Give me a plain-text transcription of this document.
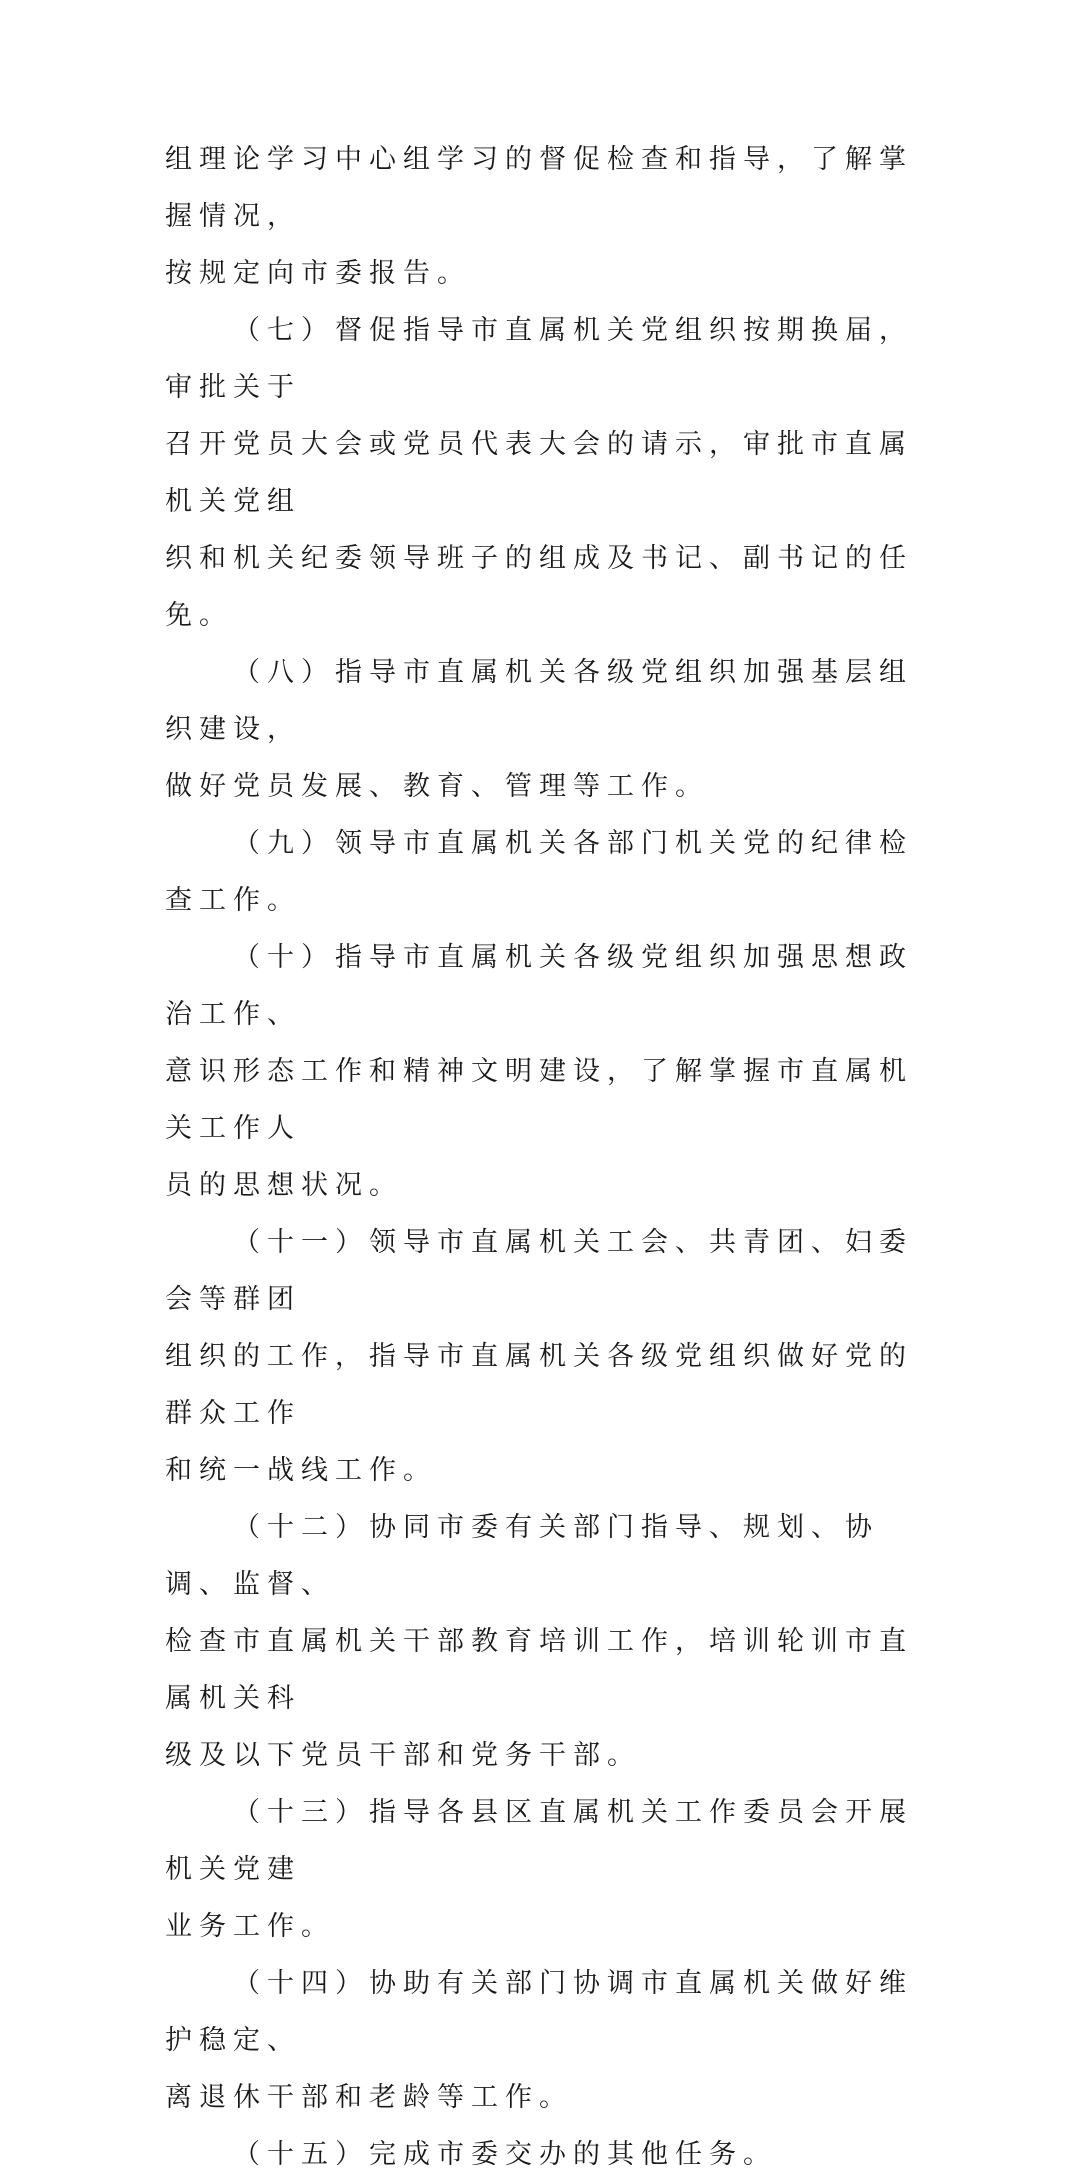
组理论学习中心组学习的督促检查和指导，了解掌握情况，
按规定向市委报告。

（七）督促指导市直属机关党组织按期换届，审批关于
召开党员大会或党员代表大会的请示，审批市直属机关党组
织和机关纪委领导班子的组成及书记、副书记的任免。

（八）指导市直属机关各级党组织加强基层组织建设，
做好党员发展、教育、管理等工作。

（九）领导市直属机关各部门机关党的纪律检查工作。

（十）指导市直属机关各级党组织加强思想政治工作、
意识形态工作和精神文明建设，了解掌握市直属机关工作人
员的思想状况。

（十一）领导市直属机关工会、共青团、妇委会等群团
组织的工作，指导市直属机关各级党组织做好党的群众工作
和统一战线工作。

（十二）协同市委有关部门指导、规划、协调、监督、
检查市直属机关干部教育培训工作，培训轮训市直属机关科
级及以下党员干部和党务干部。

（十三）指导各县区直属机关工作委员会开展机关党建
业务工作。

（十四）协助有关部门协调市直属机关做好维护稳定、
离退休干部和老龄等工作。

（十五）完成市委交办的其他任务。
